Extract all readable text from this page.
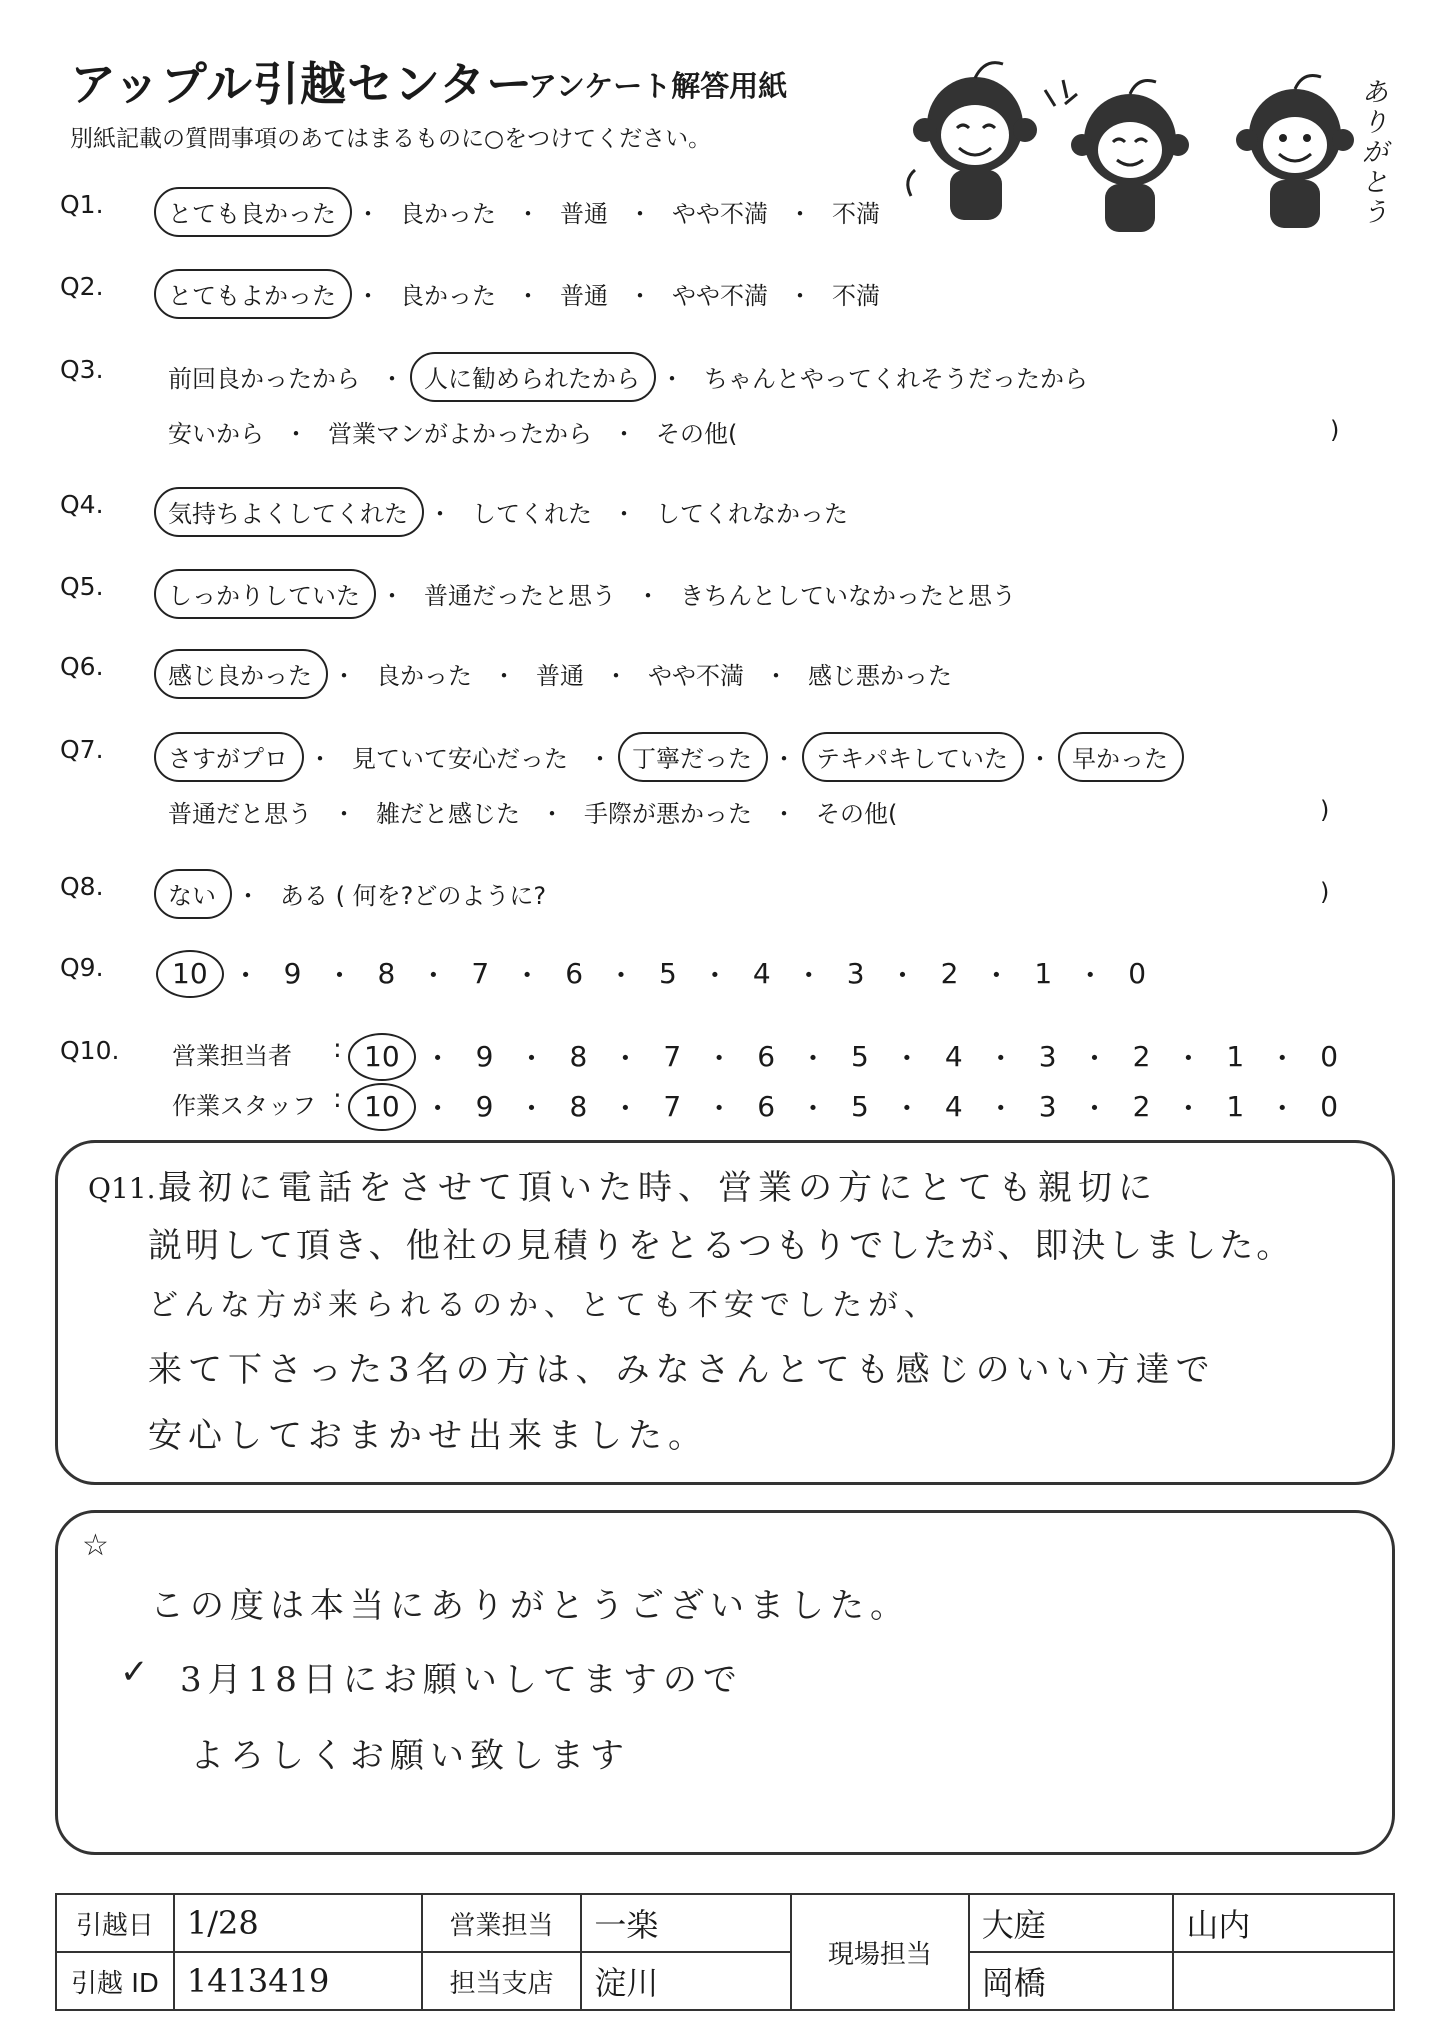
アップル引越センター
アンケート解答用紙
別紙記載の質問事項のあてはまるものに○をつけてください。
ありがとう
Q1.	とても良かった ・ 良かった ・ 普通 ・ やや不満 ・ 不満
Q2.	とてもよかった ・ 良かった ・ 普通 ・ やや不満 ・ 不満
Q3.	前回良かったから ・ 人に勧められたから ・ ちゃんとやってくれそうだったから
安いから ・ 営業マンがよかったから ・ その他(	)
Q4.	気持ちよくしてくれた ・ してくれた ・ してくれなかった
Q5.	しっかりしていた ・ 普通だったと思う ・ きちんとしていなかったと思う
Q6.	感じ良かった ・ 良かった ・ 普通 ・ やや不満 ・ 感じ悪かった
Q7.	さすがプロ ・ 見ていて安心だった ・ 丁寧だった ・ テキパキしていた ・ 早かった
普通だと思う ・ 雑だと感じた ・ 手際が悪かった ・ その他(	)
Q8.	ない ・ ある ( 何を?どのように?	)
Q9.	10 ・ 9 ・ 8 ・ 7 ・ 6 ・ 5 ・ 4 ・ 3 ・ 2 ・ 1 ・ 0
Q10. 営業担当者 : 10 ・ 9 ・ 8 ・ 7 ・ 6 ・ 5 ・ 4 ・ 3 ・ 2 ・ 1 ・ 0
作業スタッフ : 10 ・ 9 ・ 8 ・ 7 ・ 6 ・ 5 ・ 4 ・ 3 ・ 2 ・ 1 ・ 0
Q11. 最初に電話をさせて頂いた時、営業の方にとても親切に
説明して頂き、他社の見積りをとるつもりでしたが、即決しました。
どんな方が来られるのか、とても不安でしたが、
来て下さった3名の方は、みなさんとても感じのいい方達で
安心しておまかせ出来ました。
☆
この度は本当にありがとうございました。
✓ 3月18日にお願いしてますので
よろしくお願い致します
引越日	1/28	営業担当	一楽	現場担当	大庭	山内
引越 ID	1413419	担当支店	淀川		岡橋	
